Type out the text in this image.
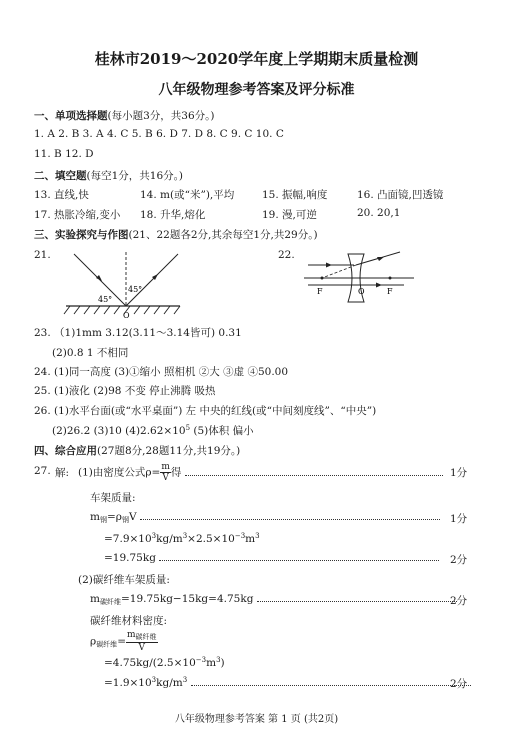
桂林市2019～2020学年度上学期期末质量检测
八年级物理参考答案及评分标准
一、单项选择题(每小题3分，共36分。)
1. A 2. B 3. A 4. C 5. B 6. D 7. D 8. C 9. C 10. C
11. B 12. D
二、填空题(每空1分，共16分。)
13. 直线,快	14. m(或“米”),平均	15. 振幅,响度	16. 凸面镜,凹透镜
17. 热胀冷缩,变小 18. 升华,熔化	19. 漫,可逆	20. 20,1
三、实验探究与作图(21、22题各2分,其余每空1分,共29分。)
21.	22.
45°
45°
O
F	O	F
23. （1)1mm 3.12(3.11～3.14皆可) 0.31
(2)0.8 1 不相同
24. (1)同一高度 (3)①缩小 照相机 ②大 ③虚 ④50.00
25. (1)液化 (2)98 不变 停止沸腾 吸热
26. (1)水平台面(或“水平桌面”) 左 中央的红线(或“中间刻度线”、“中央”)
(2)26.2 (3)10 $(4)2.62\times 10^5$ (5)体积 偏小
四、综合应用(27题8分,28题11分,共19分。)
27. 解: (1)由密度公式$\rho= \frac{m}{V}$ 得	1分
车架质量:
$m_钢=\rho_钢V$	1分
$=7.9\times 10^3kg/m^3\times 2.5\times 10^{-3}m^3$
=19.75kg	2分
(2)碳纤维车架质量:
$m_{碳纤维}=19.75kg-15kg=4.75kg$	2分
碳纤维材料密度:
$\rho_{碳纤维}= \frac{m_{碳纤维}}{V}$
$=4.75kg/(2.5\times 10^{-3}m^3)$
$=1.9\times 10^3kg/m^3$	2分
八年级物理参考答案 第 1 页 (共2页)
